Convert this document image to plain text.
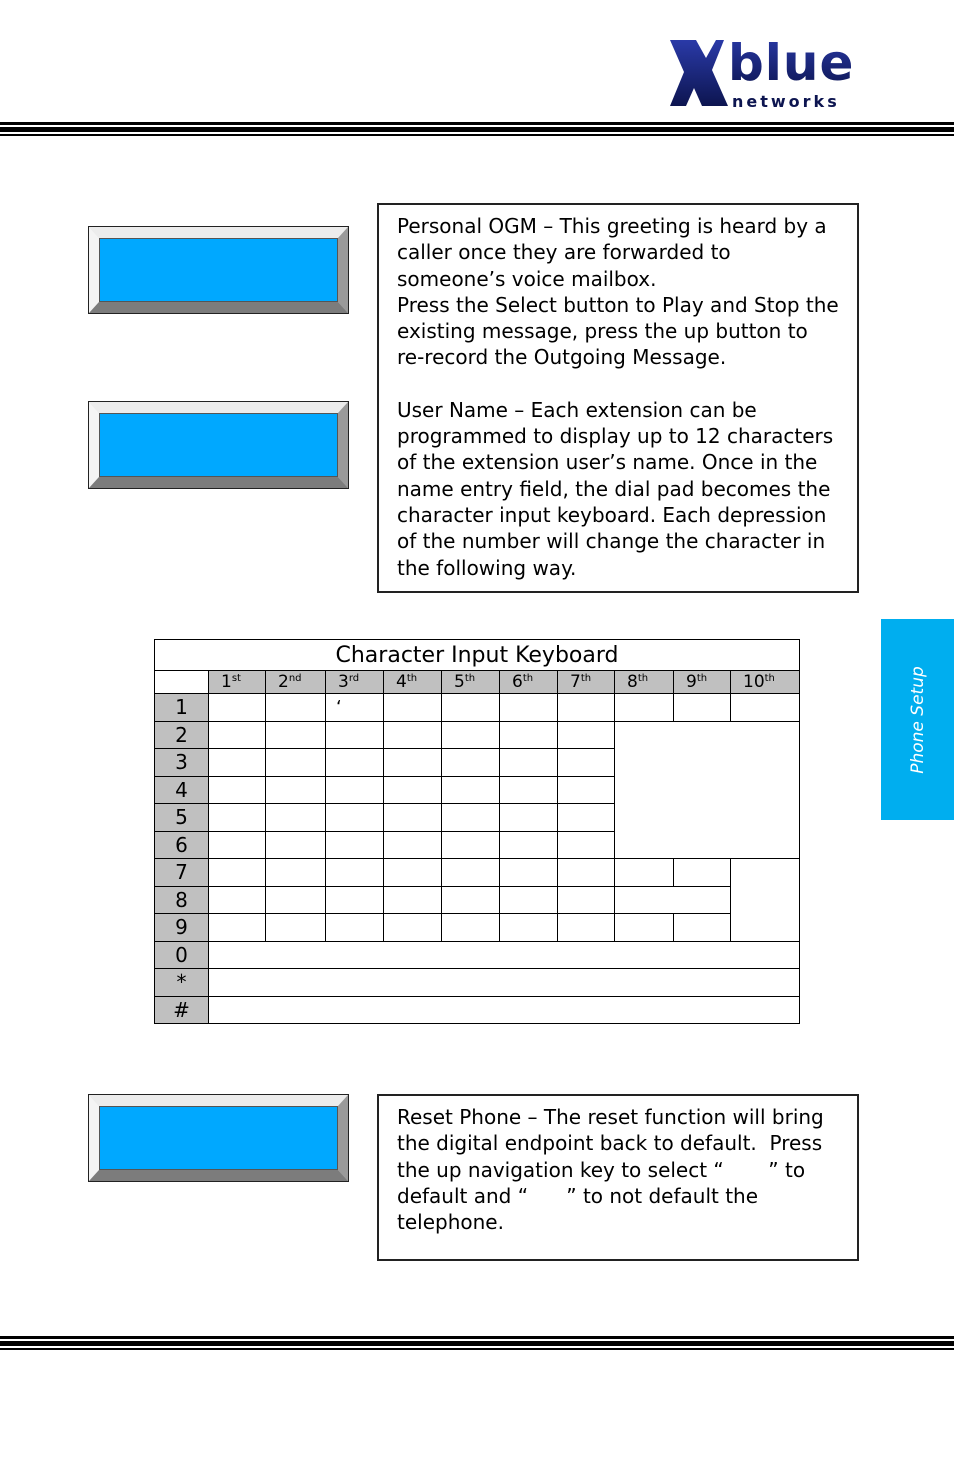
blue
networks

Personal OGM – This greeting is heard by a caller once they are forwarded to someone’s voice mailbox.

Press the Select button to Play and Stop the existing message, press the up button to re-record the Outgoing Message.

User Name – Each extension can be programmed to display up to 12 characters of the extension user’s name. Once in the name entry field, the dial pad becomes the character input keyboard. Each depression of the number will change the character in the following way.

Phone Setup
Character Input Keyboard										
	1st	2nd	3rd	4th	5th	6th	7th	8th	9th	10th
1			‘							
2										
3										
4										
5										
6										
7										
8										
9										
0										
*										
#										

Reset Phone – The reset function will bring the digital endpoint back to default.  Press the up navigation key to select “       ” to default and “      ” to not default the telephone.
